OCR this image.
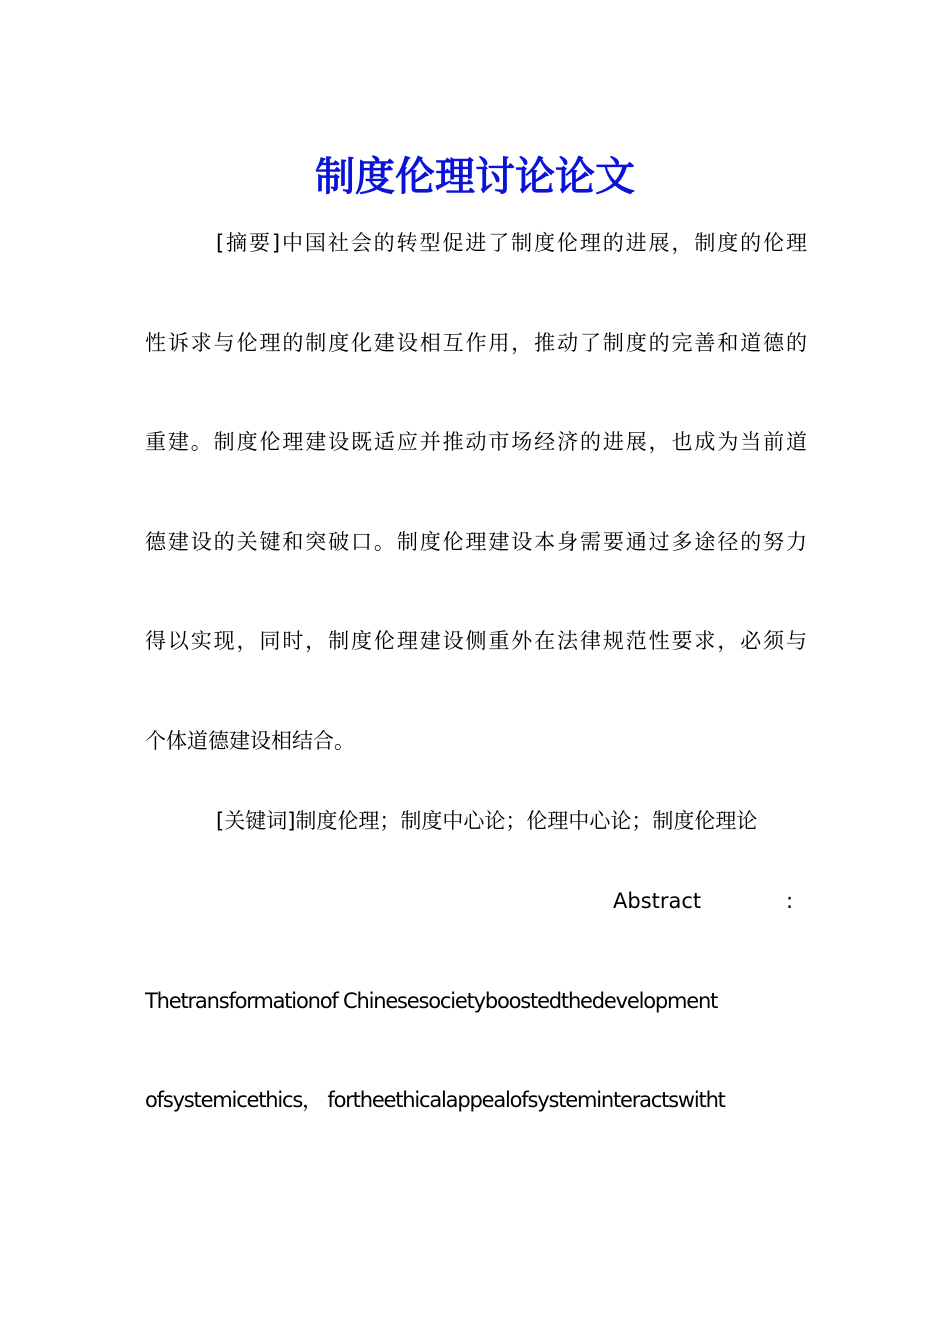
制度伦理讨论论文
[摘要]中国社会的转型促进了制度伦理的进展，制度的伦理
性诉求与伦理的制度化建设相互作用，推动了制度的完善和道德的
重建。制度伦理建设既适应并推动市场经济的进展，也成为当前道
德建设的关键和突破口。制度伦理建设本身需要通过多途径的努力
得以实现，同时，制度伦理建设侧重外在法律规范性要求，必须与
个体道德建设相结合。
[关键词]制度伦理；制度中心论；伦理中心论；制度伦理论
Abstract	:
Thetransformationof Chinesesocietyboostedthedevelopment
ofsystemicethics， fortheethicalappealofsysteminteractswitht
